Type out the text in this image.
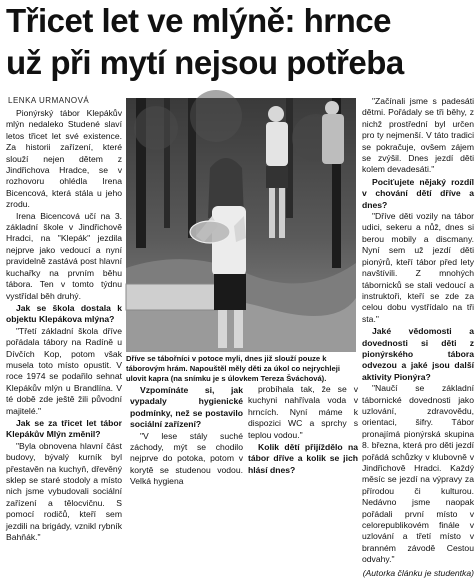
Třicet let ve mlýně: hrnce
už při mytí nejsou potřeba
LENKA URMANOVÁ

Pionýrský tábor Klepákův mlýn nedaleko Studené slaví letos třicet let své existence. Za historii zařízení, které slouží nejen dětem z Jindřichova Hradce, se v rozhovoru ohlédla Irena Bicencová, která stála u jeho zrodu.

Irena Bicencová učí na 3. základní škole v Jindřichově Hradci, na "Klepák" jezdila nejprve jako vedoucí a nyní pravidelně zastává post hlavní kuchařky na prvním běhu tábora. Ten v tomto týdnu vystřídal běh druhý.

Jak se škola dostala k objektu Klepákova mlýna?

"Třetí základní škola dříve pořádala tábory na Radíně u Dívčích Kop, potom však musela toto místo opustit. V roce 1974 se podařilo sehnat Klepákův mlýn u Brandlína. V té době zde ještě žili původní majitelé."

Jak se za třicet let tábor Klepákův Mlýn změnil?

"Byla obnovena hlavní část budovy, bývalý kurník byl přestavěn na kuchyň, dřevěný sklep se staré stodoly a místo nich jsme vybudovali sociální zařízení a tělocvičnu. S pomocí rodičů, kteří sem jezdili na brigády, vznikl rybník Bahňák."

Dříve se tábořníci v potoce myli, dnes již slouží pouze k táborovým hrám. Napouštěl měly děti za úkol co nejrychleji ulovit kapra (na snímku je s úlovkem Tereza Šváchová).

Vzpomínáte si, jak vypadaly hygienické podmínky, než se postavilo sociální zařízení?

"V lese stály suché záchody, mýt se chodilo nejprve do potoka, potom v korytě se studenou vodou. Velká hygiena

probíhala tak, že se v kuchyni nahřívala voda v hrncích. Nyní máme k dispozici WC a sprchy s teplou vodou."

Kolik dětí přijíždělo na tábor dříve a kolik se jich hlásí dnes?

"Začínali jsme s padesáti dětmi. Pořádaly se tři běhy, z nichž prostřední byl určen pro ty nejmenší. V táto tradici se pokračuje, ovšem zájem se zvýšil. Dnes jezdí děti kolem devadesáti."

Pociťujete nějaký rozdíl v chování dětí dříve a dnes?

"Dříve děti vozily na tábor udici, sekeru a nůž, dnes si berou mobily a discmany. Nyní sem už jezdí děti pionýrů, kteří tábor před lety navštívili. Z mnohých tábornicků se stali vedoucí a instruktoři, kteří se zde za celou dobu vystřídalo na tři sta."

Jaké vědomosti a dovednosti si děti z pionýrského tábora odvezou a jaké jsou další aktivity Pionýra?

"Naučí se základní tábornické dovednosti jako uzlování, zdravovědu, orientaci, šifry. Tábor pronajímá pionýrská skupina 8. března, která pro děti jezdí pořádá schůzky v klubovně v Jindřichově Hradci. Každý měsíc se jezdí na výpravy za přírodou či kulturou. Nedávno jsme naopak pořádali první místo v celorepublikovém finále v uzlování a třetí místo v branném závodě Cestou odvahy."

(Autorka článku je studentka)
